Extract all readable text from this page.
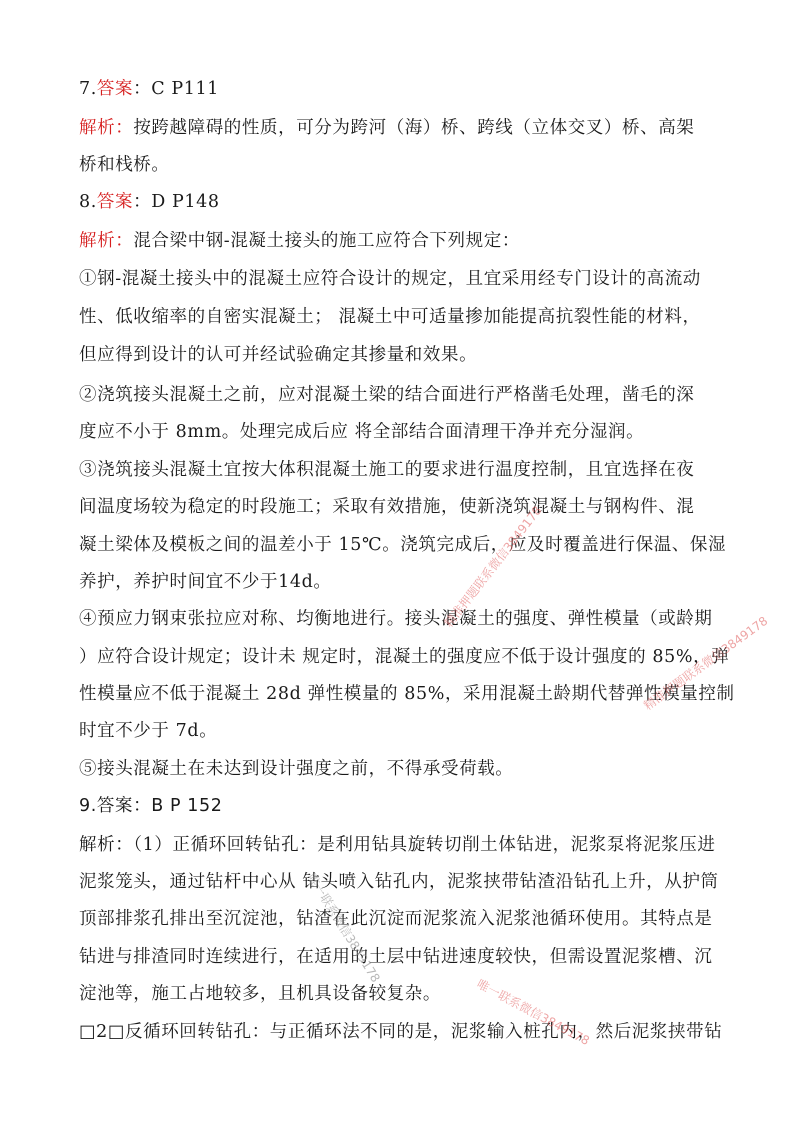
7.答案：C P111
解析：按跨越障碍的性质，可分为跨河（海）桥、跨线（立体交叉）桥、高架
桥和栈桥。
8.答案：D P148
解析：混合梁中钢-混凝土接头的施工应符合下列规定：
①钢-混凝土接头中的混凝土应符合设计的规定，且宜采用经专门设计的高流动
性、低收缩率的自密实混凝土； 混凝土中可适量掺加能提高抗裂性能的材料，
但应得到设计的认可并经试验确定其掺量和效果。
②浇筑接头混凝土之前，应对混凝土梁的结合面进行严格凿毛处理，凿毛的深
度应不小于 8mm。处理完成后应 将全部结合面清理干净并充分湿润。
③浇筑接头混凝土宜按大体积混凝土施工的要求进行温度控制，且宜选择在夜
间温度场较为稳定的时段施工；采取有效措施，使新浇筑混凝土与钢构件、混
凝土梁体及模板之间的温差小于 15℃。浇筑完成后，应及时覆盖进行保温、保湿
养护，养护时间宜不少于14d。
④预应力钢束张拉应对称、均衡地进行。接头混凝土的强度、弹性模量（或龄期
）应符合设计规定；设计未 规定时，混凝土的强度应不低于设计强度的 85%，弹
性模量应不低于混凝土 28d 弹性模量的 85%，采用混凝土龄期代替弹性模量控制
时宜不少于 7d。
⑤接头混凝土在未达到设计强度之前，不得承受荷载。
9.答案：B P 152
解析：（1）正循环回转钻孔：是利用钻具旋转切削土体钻进，泥浆泵将泥浆压进
泥浆笼头，通过钻杆中心从 钻头喷入钻孔内，泥浆挟带钻渣沿钻孔上升，从护筒
顶部排浆孔排出至沉淀池，钻渣在此沉淀而泥浆流入泥浆池循环使用。其特点是
钻进与排渣同时连续进行，在适用的土层中钻进速度较快，但需设置泥浆槽、沉
淀池等，施工占地较多，且机具设备较复杂。
□2□反循环回转钻孔：与正循环法不同的是，泥浆输入桩孔内，然后泥浆挟带钻
精准押题联系微信3849178
精准押题联系微信3849178
唯一联系微信3849178
唯一联系微信3849178
